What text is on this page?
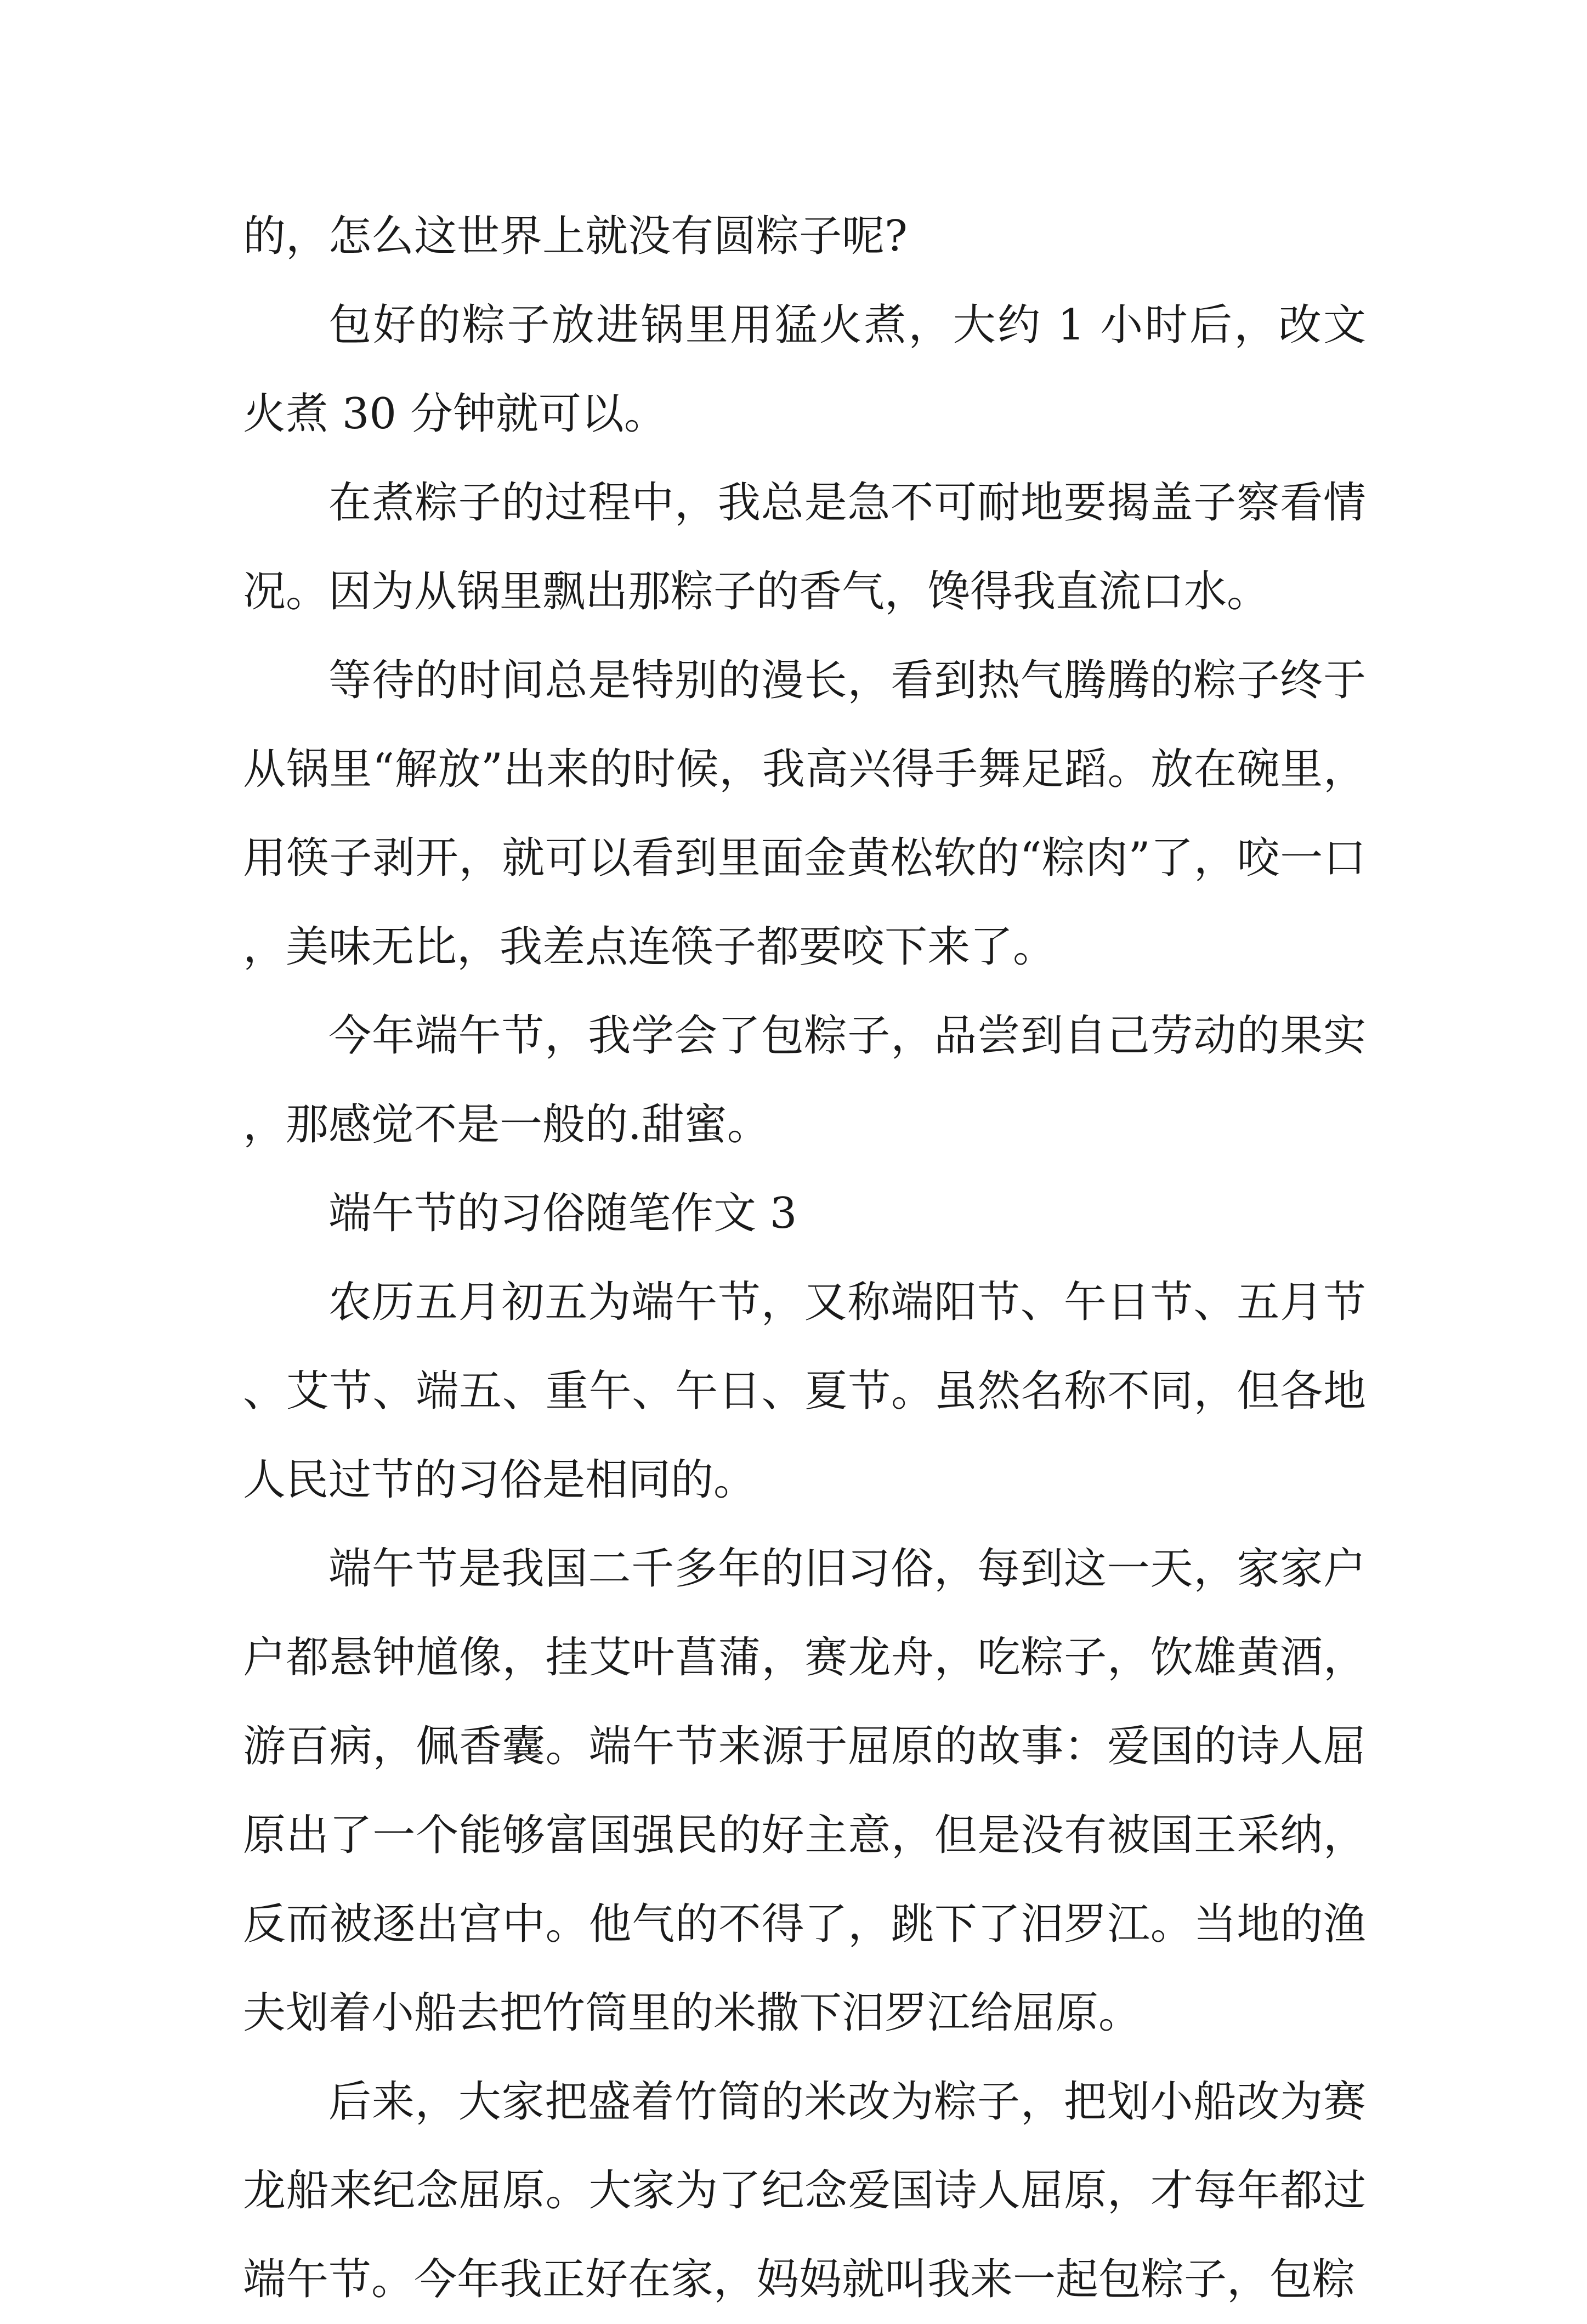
的，怎么这世界上就没有圆粽子呢?

包好的粽子放进锅里用猛火煮，大约 1 小时后，改文火煮 30 分钟就可以。

在煮粽子的过程中，我总是急不可耐地要揭盖子察看情况。因为从锅里飘出那粽子的香气，馋得我直流口水。

等待的时间总是特别的漫长，看到热气腾腾的粽子终于从锅里“解放”出来的时候，我高兴得手舞足蹈。放在碗里，用筷子剥开，就可以看到里面金黄松软的“粽肉”了，咬一口，美味无比，我差点连筷子都要咬下来了。

今年端午节，我学会了包粽子，品尝到自己劳动的果实，那感觉不是一般的.甜蜜。

端午节的习俗随笔作文 3

农历五月初五为端午节，又称端阳节、午日节、五月节、艾节、端五、重午、午日、夏节。虽然名称不同，但各地人民过节的习俗是相同的。

端午节是我国二千多年的旧习俗，每到这一天，家家户户都悬钟馗像，挂艾叶菖蒲，赛龙舟，吃粽子，饮雄黄酒，游百病，佩香囊。端午节来源于屈原的故事：爱国的诗人屈原出了一个能够富国强民的好主意，但是没有被国王采纳，反而被逐出宫中。他气的不得了，跳下了汨罗江。当地的渔夫划着小船去把竹筒里的米撒下汨罗江给屈原。

后来，大家把盛着竹筒的米改为粽子，把划小船改为赛龙船来纪念屈原。大家为了纪念爱国诗人屈原，才每年都过端午节。今年我正好在家，妈妈就叫我来一起包粽子，包粽
